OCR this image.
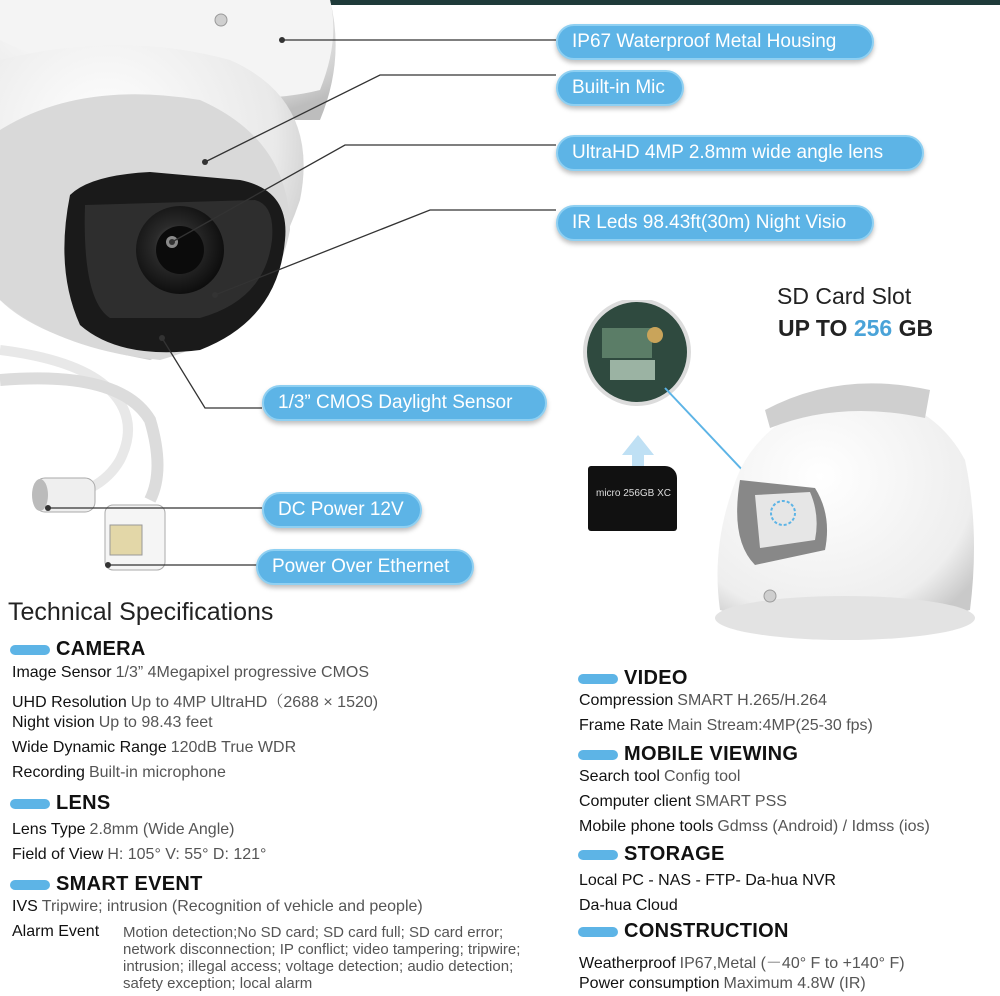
IP67 Waterproof Metal Housing
Built-in Mic
UltraHD 4MP 2.8mm wide angle lens
IR Leds 98.43ft(30m) Night Visio
1/3” CMOS Daylight Sensor
DC Power 12V
Power Over Ethernet
SD Card Slot
UP TO 256 GB
micro 256GB XC
Technical Specifications
CAMERA
Image Sensor 1/3” 4Megapixel progressive CMOS
UHD Resolution Up to 4MP UltraHD（2688 × 1520)
Night vision Up to 98.43 feet
Wide Dynamic Range 120dB True WDR
Recording Built-in microphone
LENS
Lens Type 2.8mm (Wide Angle)
Field of View H: 105° V: 55° D: 121°
SMART EVENT
IVS Tripwire; intrusion (Recognition of vehicle and people)
Alarm Event Motion detection;No SD card; SD card full; SD card error; network disconnection; IP conflict; video tampering; tripwire; intrusion; illegal access; voltage detection; audio detection; safety exception; local alarm
VIDEO
Compression SMART H.265/H.264
Frame Rate Main Stream:4MP(25-30 fps)
MOBILE VIEWING
Search tool Config tool
Computer client SMART PSS
Mobile phone tools Gdmss (Android) / Idmss (ios)
STORAGE
Local PC - NAS - FTP- Da-hua NVR
Da-hua Cloud
CONSTRUCTION
Weatherproof IP67,Metal (－40° F to +140° F)
Power consumption Maximum 4.8W (IR)
